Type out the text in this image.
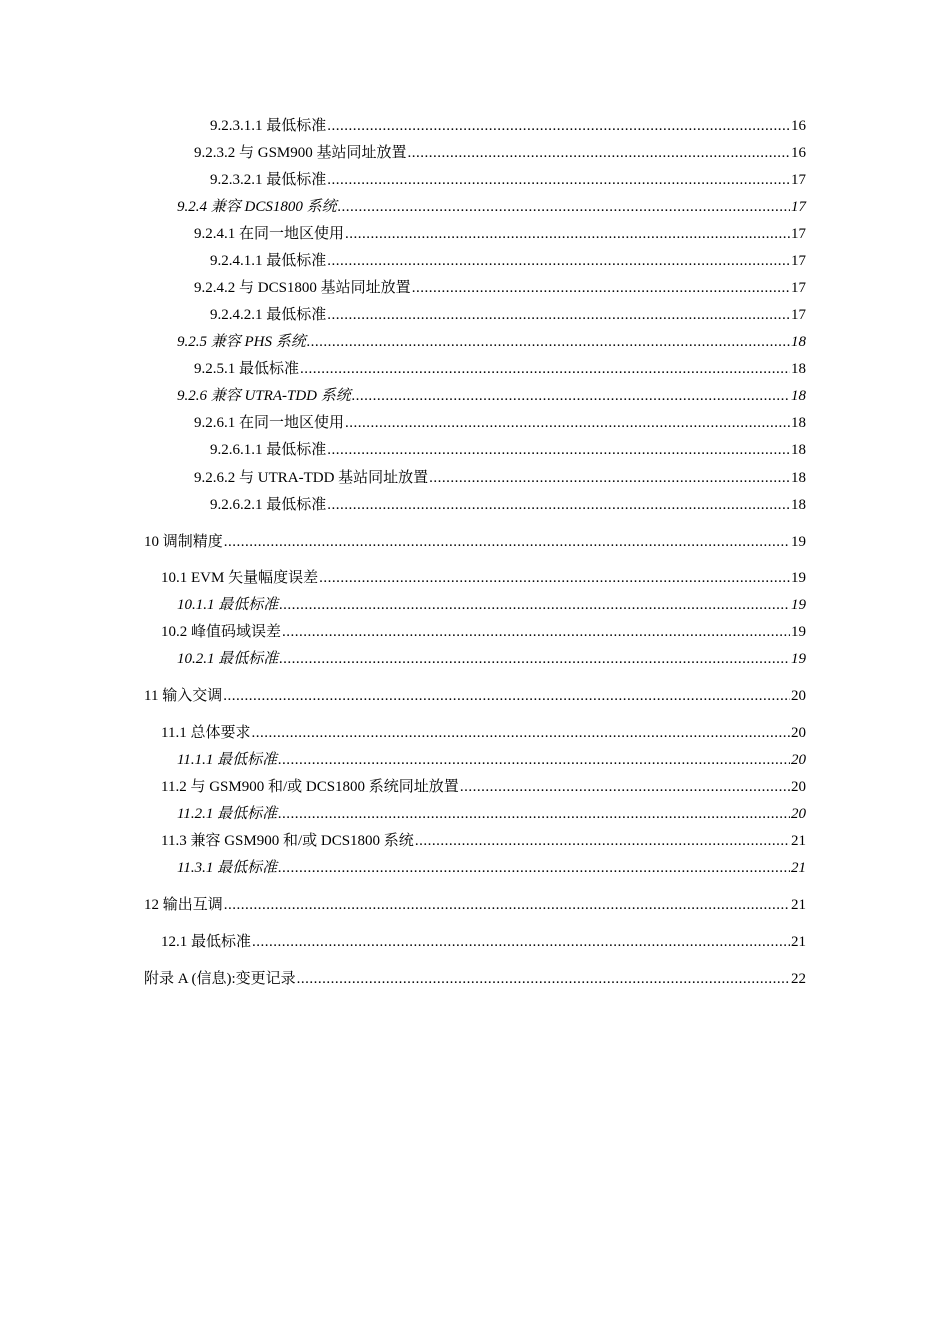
9.2.3.1.1 最低标准 .....	16
9.2.3.2 与 GSM900 基站同址放置 .....	16
9.2.3.2.1 最低标准 .....	17
9.2.4 兼容 DCS1800 系统 .....	17
9.2.4.1 在同一地区使用 .....	17
9.2.4.1.1 最低标准 .....	17
9.2.4.2 与 DCS1800 基站同址放置 .....	17
9.2.4.2.1 最低标准 .....	17
9.2.5 兼容 PHS 系统 .....	18
9.2.5.1 最低标准 .....	18
9.2.6 兼容 UTRA-TDD 系统 .....	18
9.2.6.1 在同一地区使用 .....	18
9.2.6.1.1 最低标准 .....	18
9.2.6.2 与 UTRA-TDD 基站同址放置 .....	18
9.2.6.2.1 最低标准 .....	18
10 调制精度 .....	19
10.1 EVM 矢量幅度误差 .....	19
10.1.1 最低标准 .....	19
10.2 峰值码域误差 .....	19
10.2.1 最低标准 .....	19
11 输入交调 .....	20
11.1 总体要求 .....	20
11.1.1 最低标准 .....	20
11.2 与 GSM900 和/或 DCS1800 系统同址放置 .....	20
11.2.1 最低标准 .....	20
11.3 兼容 GSM900 和/或 DCS1800 系统 .....	21
11.3.1 最低标准 .....	21
12 输出互调 .....	21
12.1 最低标准 .....	21
附录 A (信息):变更记录 .....	22
